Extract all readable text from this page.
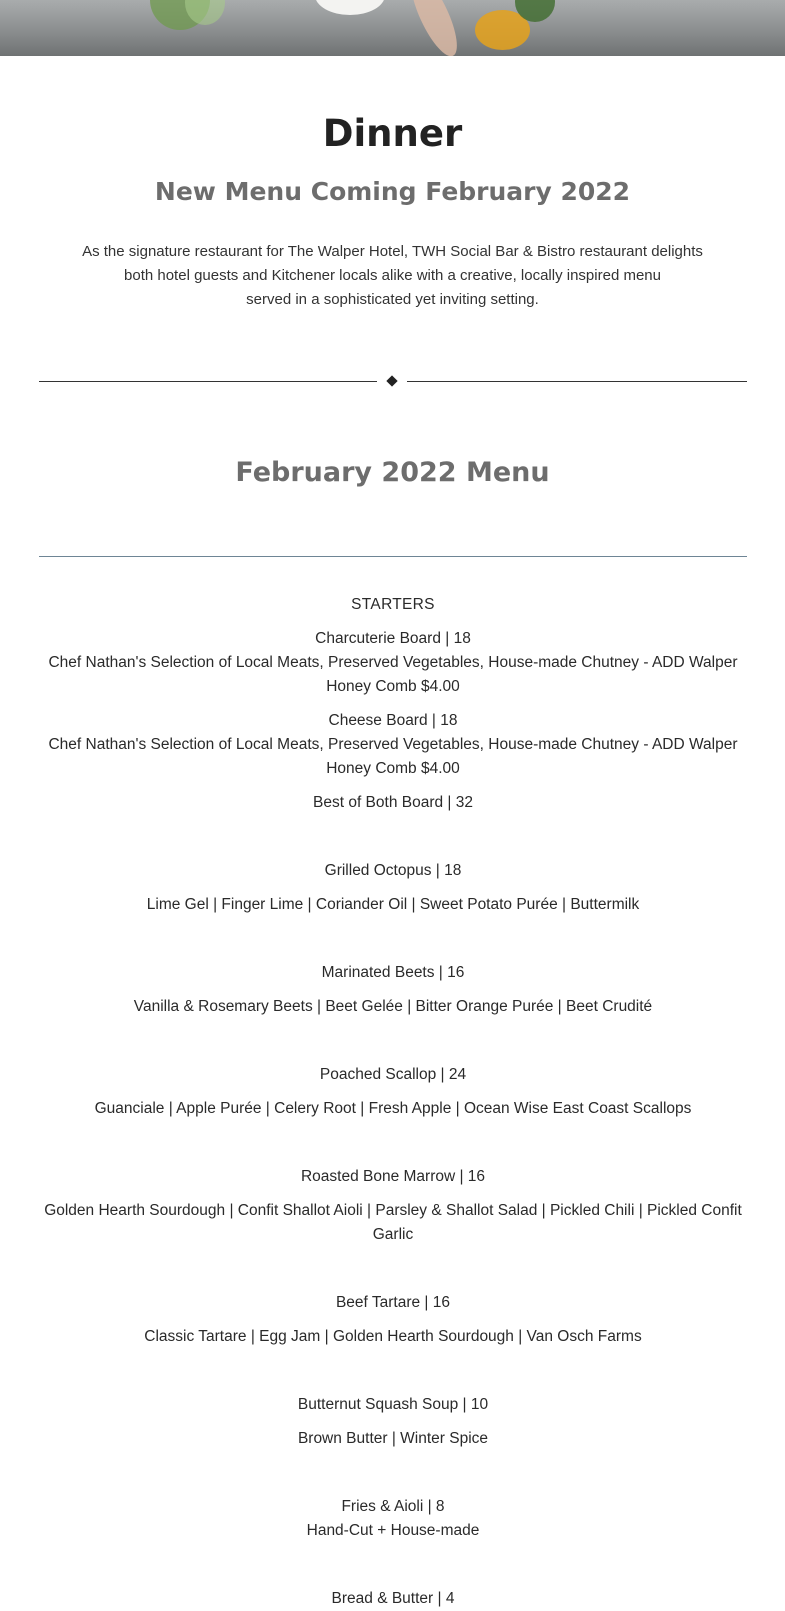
Dinner
New Menu Coming February 2022

As the signature restaurant for The Walper Hotel, TWH Social Bar & Bistro restaurant delights
both hotel guests and Kitchener locals alike with a creative, locally inspired menu
served in a sophisticated yet inviting setting.

February 2022 Menu

STARTERS

Charcuterie Board | 18

Chef Nathan's Selection of Local Meats, Preserved Vegetables, House-made Chutney - ADD Walper
Honey Comb $4.00

Cheese Board | 18

Chef Nathan's Selection of Local Meats, Preserved Vegetables, House-made Chutney - ADD Walper
Honey Comb $4.00

Best of Both Board | 32

Grilled Octopus | 18

Lime Gel | Finger Lime | Coriander Oil | Sweet Potato Purée | Buttermilk

Marinated Beets | 16

Vanilla & Rosemary Beets | Beet Gelée | Bitter Orange Purée | Beet Crudité

Poached Scallop | 24

Guanciale | Apple Purée | Celery Root | Fresh Apple | Ocean Wise East Coast Scallops

Roasted Bone Marrow | 16

Golden Hearth Sourdough | Confit Shallot Aioli | Parsley & Shallot Salad | Pickled Chili | Pickled Confit
Garlic

Beef Tartare | 16

Classic Tartare | Egg Jam | Golden Hearth Sourdough | Van Osch Farms

Butternut Squash Soup | 10

Brown Butter | Winter Spice

Fries & Aioli | 8

Hand-Cut + House-made

Bread & Butter | 4
